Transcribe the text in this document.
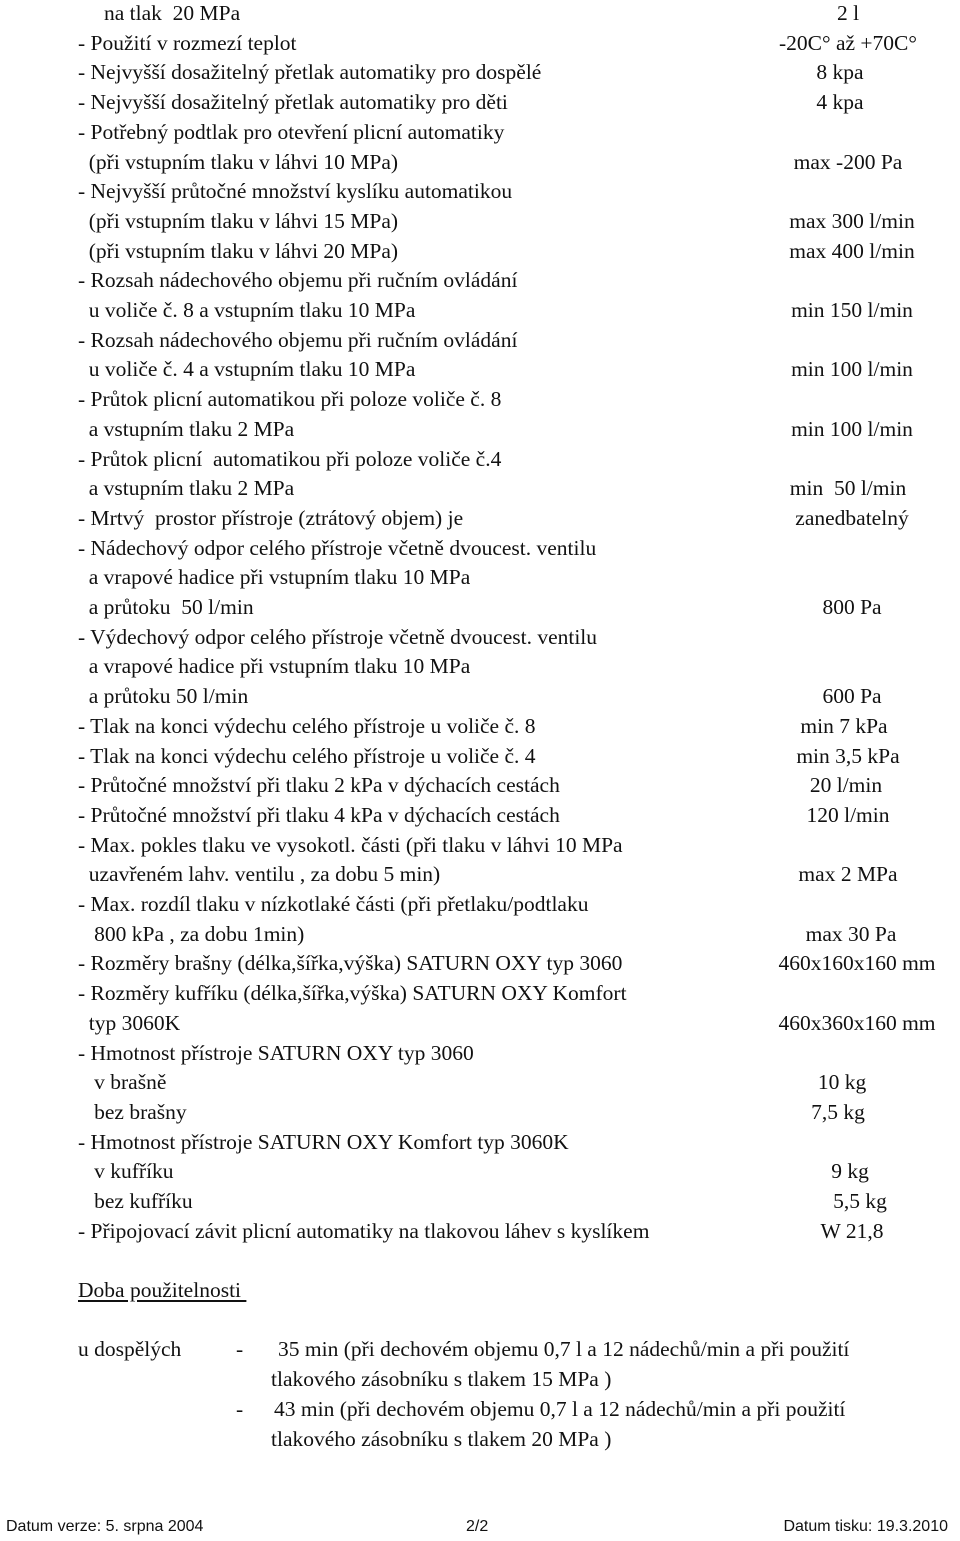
na tlak  20 MPa	2 l
- Použití v rozmezí teplot	-20C° až +70C°
- Nejvyšší dosažitelný přetlak automatiky pro dospělé	8 kpa
- Nejvyšší dosažitelný přetlak automatiky pro děti	4 kpa
- Potřebný podtlak pro otevření plicní automatiky
(při vstupním tlaku v láhvi 10 MPa)	max -200 Pa
- Nejvyšší průtočné množství kyslíku automatikou
(při vstupním tlaku v láhvi 15 MPa)	max 300 l/min
(při vstupním tlaku v láhvi 20 MPa)	max 400 l/min
- Rozsah nádechového objemu při ručním ovládání
u voliče č. 8 a vstupním tlaku 10 MPa	min 150 l/min
- Rozsah nádechového objemu při ručním ovládání
u voliče č. 4 a vstupním tlaku 10 MPa	min 100 l/min
- Průtok plicní automatikou při poloze voliče č. 8
a vstupním tlaku 2 MPa	min 100 l/min
- Průtok plicní  automatikou při poloze voliče č.4
a vstupním tlaku 2 MPa	min  50 l/min
- Mrtvý  prostor přístroje (ztrátový objem) je	zanedbatelný
- Nádechový odpor celého přístroje včetně dvoucest. ventilu
a vrapové hadice při vstupním tlaku 10 MPa
a průtoku  50 l/min	800 Pa
- Výdechový odpor celého přístroje včetně dvoucest. ventilu
a vrapové hadice při vstupním tlaku 10 MPa
a průtoku 50 l/min	600 Pa
- Tlak na konci výdechu celého přístroje u voliče č. 8	min 7 kPa
- Tlak na konci výdechu celého přístroje u voliče č. 4	min 3,5 kPa
- Průtočné množství při tlaku 2 kPa v dýchacích cestách	20 l/min
- Průtočné množství při tlaku 4 kPa v dýchacích cestách	120 l/min
- Max. pokles tlaku ve vysokotl. části (při tlaku v láhvi 10 MPa
uzavřeném lahv. ventilu , za dobu 5 min)	max 2 MPa
- Max. rozdíl tlaku v nízkotlaké části (při přetlaku/podtlaku
800 kPa , za dobu 1min)	max 30 Pa
- Rozměry brašny (délka,šířka,výška) SATURN OXY typ 3060	460x160x160 mm
- Rozměry kufříku (délka,šířka,výška) SATURN OXY Komfort
typ 3060K	460x360x160 mm
- Hmotnost přístroje SATURN OXY typ 3060
v brašně	10 kg
bez brašny	7,5 kg
- Hmotnost přístroje SATURN OXY Komfort typ 3060K
v kufříku	9 kg
bez kufříku	5,5 kg
- Připojovací závit plicní automatiky na tlakovou láhev s kyslíkem	W 21,8
Doba použitelnosti
u dospělých	- 35 min (při dechovém objemu 0,7 l a 12 nádechů/min a při použití
tlakového zásobníku s tlakem 15 MPa )
- 43 min (při dechovém objemu 0,7 l a 12 nádechů/min a při použití
tlakového zásobníku s tlakem 20 MPa )
Datum verze: 5. srpna 2004	2/2	Datum tisku: 19.3.2010
